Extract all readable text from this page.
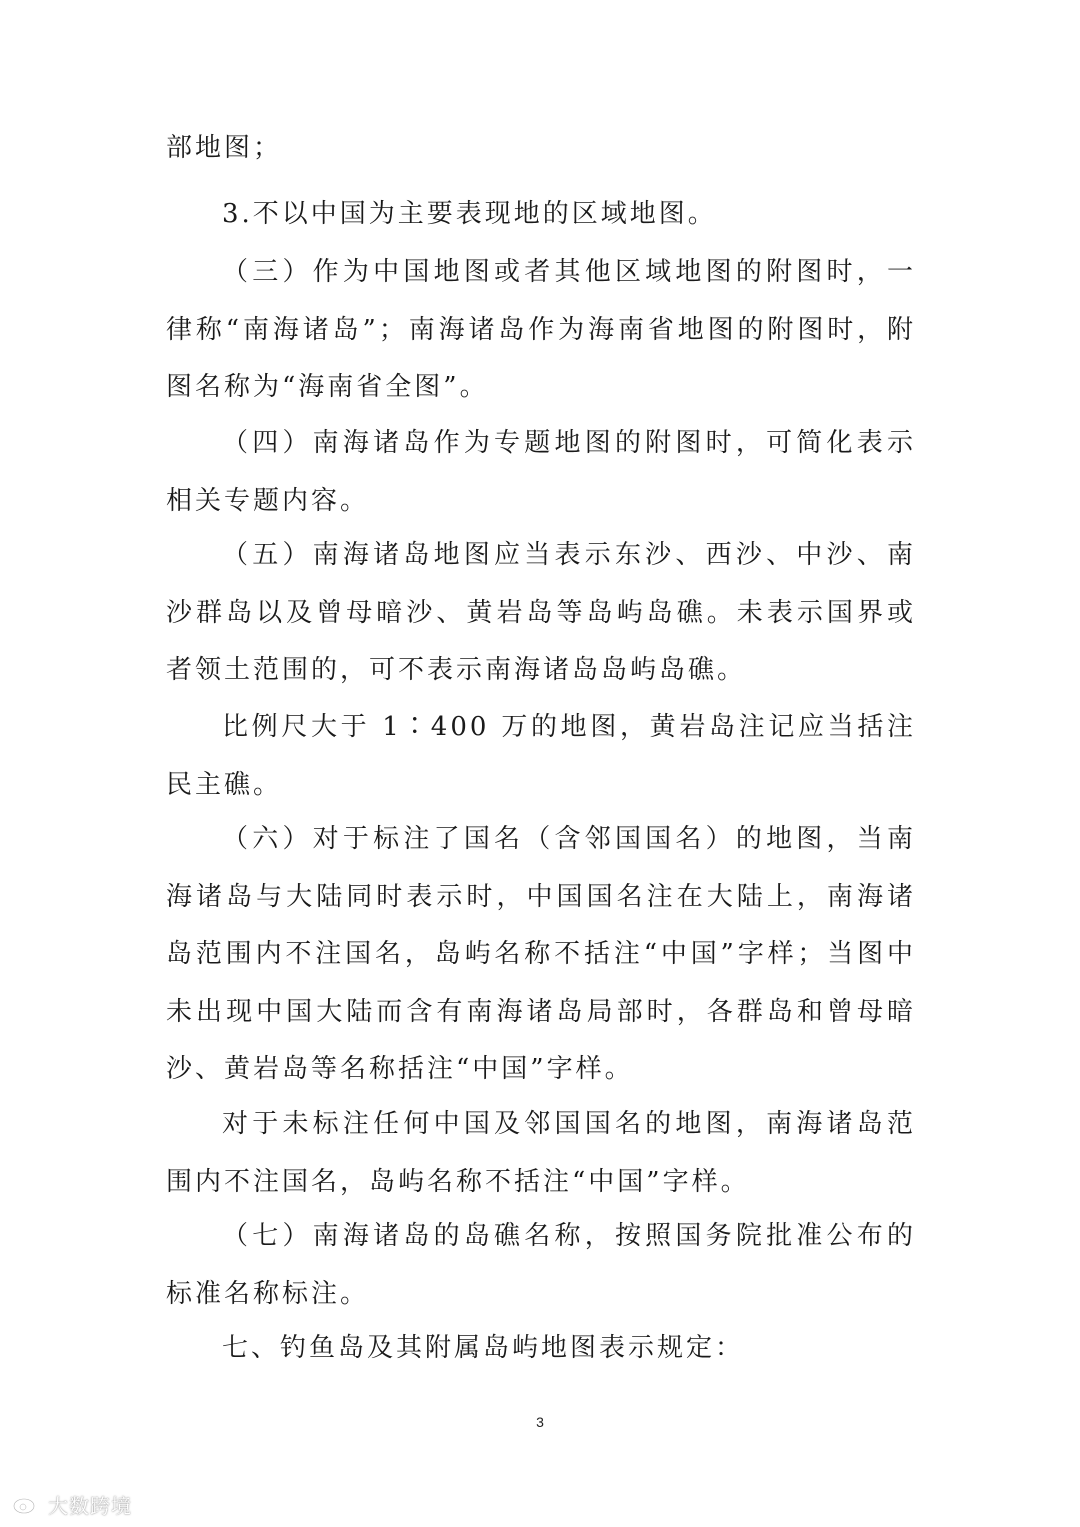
部地图；

3.不以中国为主要表现地的区域地图。

（三）作为中国地图或者其他区域地图的附图时，一律称“南海诸岛”；南海诸岛作为海南省地图的附图时，附图名称为“海南省全图”。

（四）南海诸岛作为专题地图的附图时，可简化表示相关专题内容。

（五）南海诸岛地图应当表示东沙、西沙、中沙、南沙群岛以及曾母暗沙、黄岩岛等岛屿岛礁。未表示国界或者领土范围的，可不表示南海诸岛岛屿岛礁。

比例尺大于 1∶400 万的地图，黄岩岛注记应当括注民主礁。

（六）对于标注了国名（含邻国国名）的地图，当南海诸岛与大陆同时表示时，中国国名注在大陆上，南海诸岛范围内不注国名，岛屿名称不括注“中国”字样；当图中未出现中国大陆而含有南海诸岛局部时，各群岛和曾母暗沙、黄岩岛等名称括注“中国”字样。

对于未标注任何中国及邻国国名的地图，南海诸岛范围内不注国名，岛屿名称不括注“中国”字样。

（七）南海诸岛的岛礁名称，按照国务院批准公布的标准名称标注。

七、钓鱼岛及其附属岛屿地图表示规定：

3
大数跨境
